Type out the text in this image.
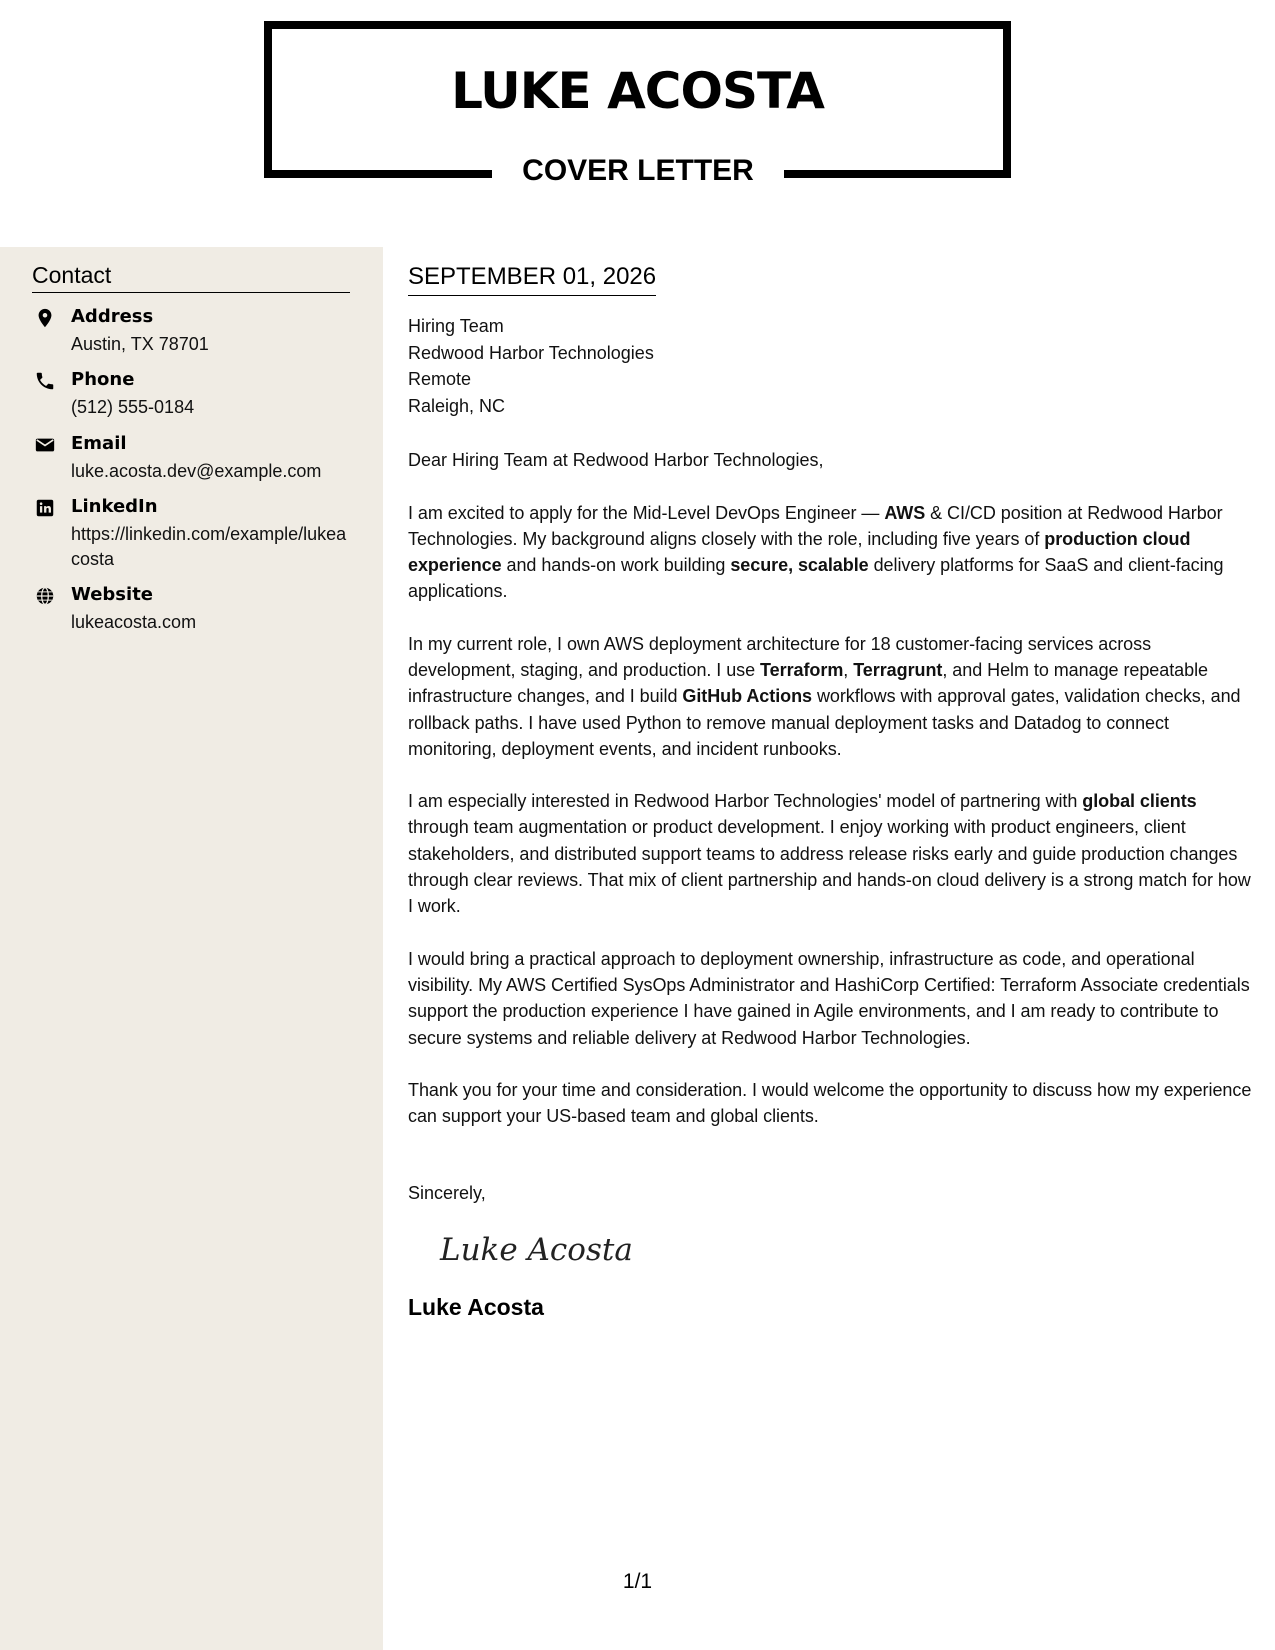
LUKE ACOSTA
COVER LETTER
Contact
Address
Austin, TX 78701
Phone
(512) 555-0184
Email
luke.acosta.dev@example.com
LinkedIn
https://linkedin.com/example/lukeacosta
Website
lukeacosta.com
SEPTEMBER 01, 2026
Hiring Team
Redwood Harbor Technologies
Remote
Raleigh, NC
Dear Hiring Team at Redwood Harbor Technologies,
I am excited to apply for the Mid-Level DevOps Engineer — AWS & CI/CD position at Redwood Harbor Technologies. My background aligns closely with the role, including five years of production cloud experience and hands-on work building secure, scalable delivery platforms for SaaS and client-facing applications.
In my current role, I own AWS deployment architecture for 18 customer-facing services across development, staging, and production. I use Terraform, Terragrunt, and Helm to manage repeatable infrastructure changes, and I build GitHub Actions workflows with approval gates, validation checks, and rollback paths. I have used Python to remove manual deployment tasks and Datadog to connect monitoring, deployment events, and incident runbooks.
I am especially interested in Redwood Harbor Technologies' model of partnering with global clients through team augmentation or product development. I enjoy working with product engineers, client stakeholders, and distributed support teams to address release risks early and guide production changes through clear reviews. That mix of client partnership and hands-on cloud delivery is a strong match for how I work.
I would bring a practical approach to deployment ownership, infrastructure as code, and operational visibility. My AWS Certified SysOps Administrator and HashiCorp Certified: Terraform Associate credentials support the production experience I have gained in Agile environments, and I am ready to contribute to secure systems and reliable delivery at Redwood Harbor Technologies.
Thank you for your time and consideration. I would welcome the opportunity to discuss how my experience can support your US-based team and global clients.
Sincerely,
Luke Acosta
Luke Acosta
1/1
